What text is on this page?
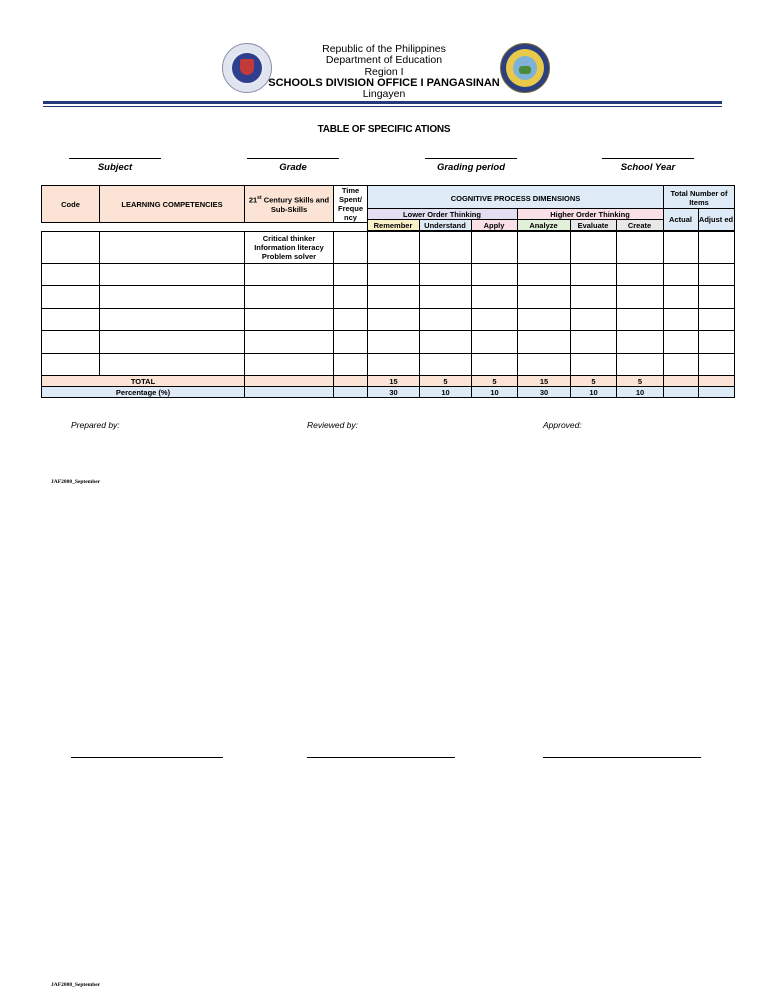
Republic of the Philippines
Department of Education
Region I
SCHOOLS DIVISION OFFICE I PANGASINAN
Lingayen
TABLE OF SPECIFIC ATIONS
Subject	Grade	Grading period	School Year
Code	LEARNING COMPETENCIES	21st Century Skills and Sub-Skills	Time Spent/ Freque ncy	COGNITIVE PROCESS DIMENSIONS	Total Number of Items

				Lower Order Thinking			Higher Order Thinking			Actual	Adjust ed
				Remember	Understand	Apply	Analyze	Evaluate	Create		

		Critical thinker
Information literacy
Problem solver									

TOTAL				15	5	5	15	5	5		
Percentage (%)				30	10	10	30	10	10		
Prepared by:	Reviewed by:	Approved:
JAF2008_September
JAF2008_September
